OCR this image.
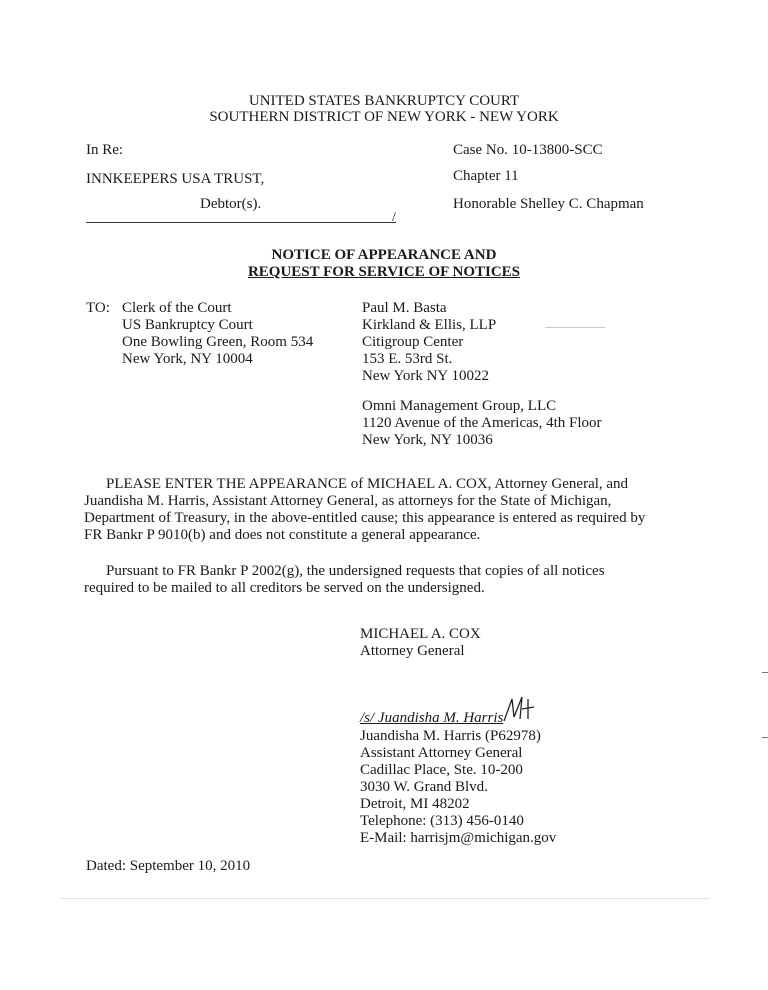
UNITED STATES BANKRUPTCY COURT
SOUTHERN DISTRICT OF NEW YORK - NEW YORK
In Re:
INNKEEPERS USA TRUST,
Debtor(s).
/
Case No. 10-13800-SCC
Chapter 11
Honorable Shelley C. Chapman
NOTICE OF APPEARANCE AND
REQUEST FOR SERVICE OF NOTICES
TO: Clerk of the Court
US Bankruptcy Court
One Bowling Green, Room 534
New York, NY 10004
Paul M. Basta
Kirkland & Ellis, LLP
Citigroup Center
153 E. 53rd St.
New York NY 10022
Omni Management Group, LLC
1120 Avenue of the Americas, 4th Floor
New York, NY 10036
PLEASE ENTER THE APPEARANCE of MICHAEL A. COX, Attorney General, and
Juandisha M. Harris, Assistant Attorney General, as attorneys for the State of Michigan,
Department of Treasury, in the above-entitled cause; this appearance is entered as required by
FR Bankr P 9010(b) and does not constitute a general appearance.
Pursuant to FR Bankr P 2002(g), the undersigned requests that copies of all notices
required to be mailed to all creditors be served on the undersigned.
MICHAEL A. COX
Attorney General
/s/ Juandisha M. Harris
Juandisha M. Harris (P62978)
Assistant Attorney General
Cadillac Place, Ste. 10-200
3030 W. Grand Blvd.
Detroit, MI 48202
Telephone: (313) 456-0140
E-Mail: harrisjm@michigan.gov
Dated: September 10, 2010
